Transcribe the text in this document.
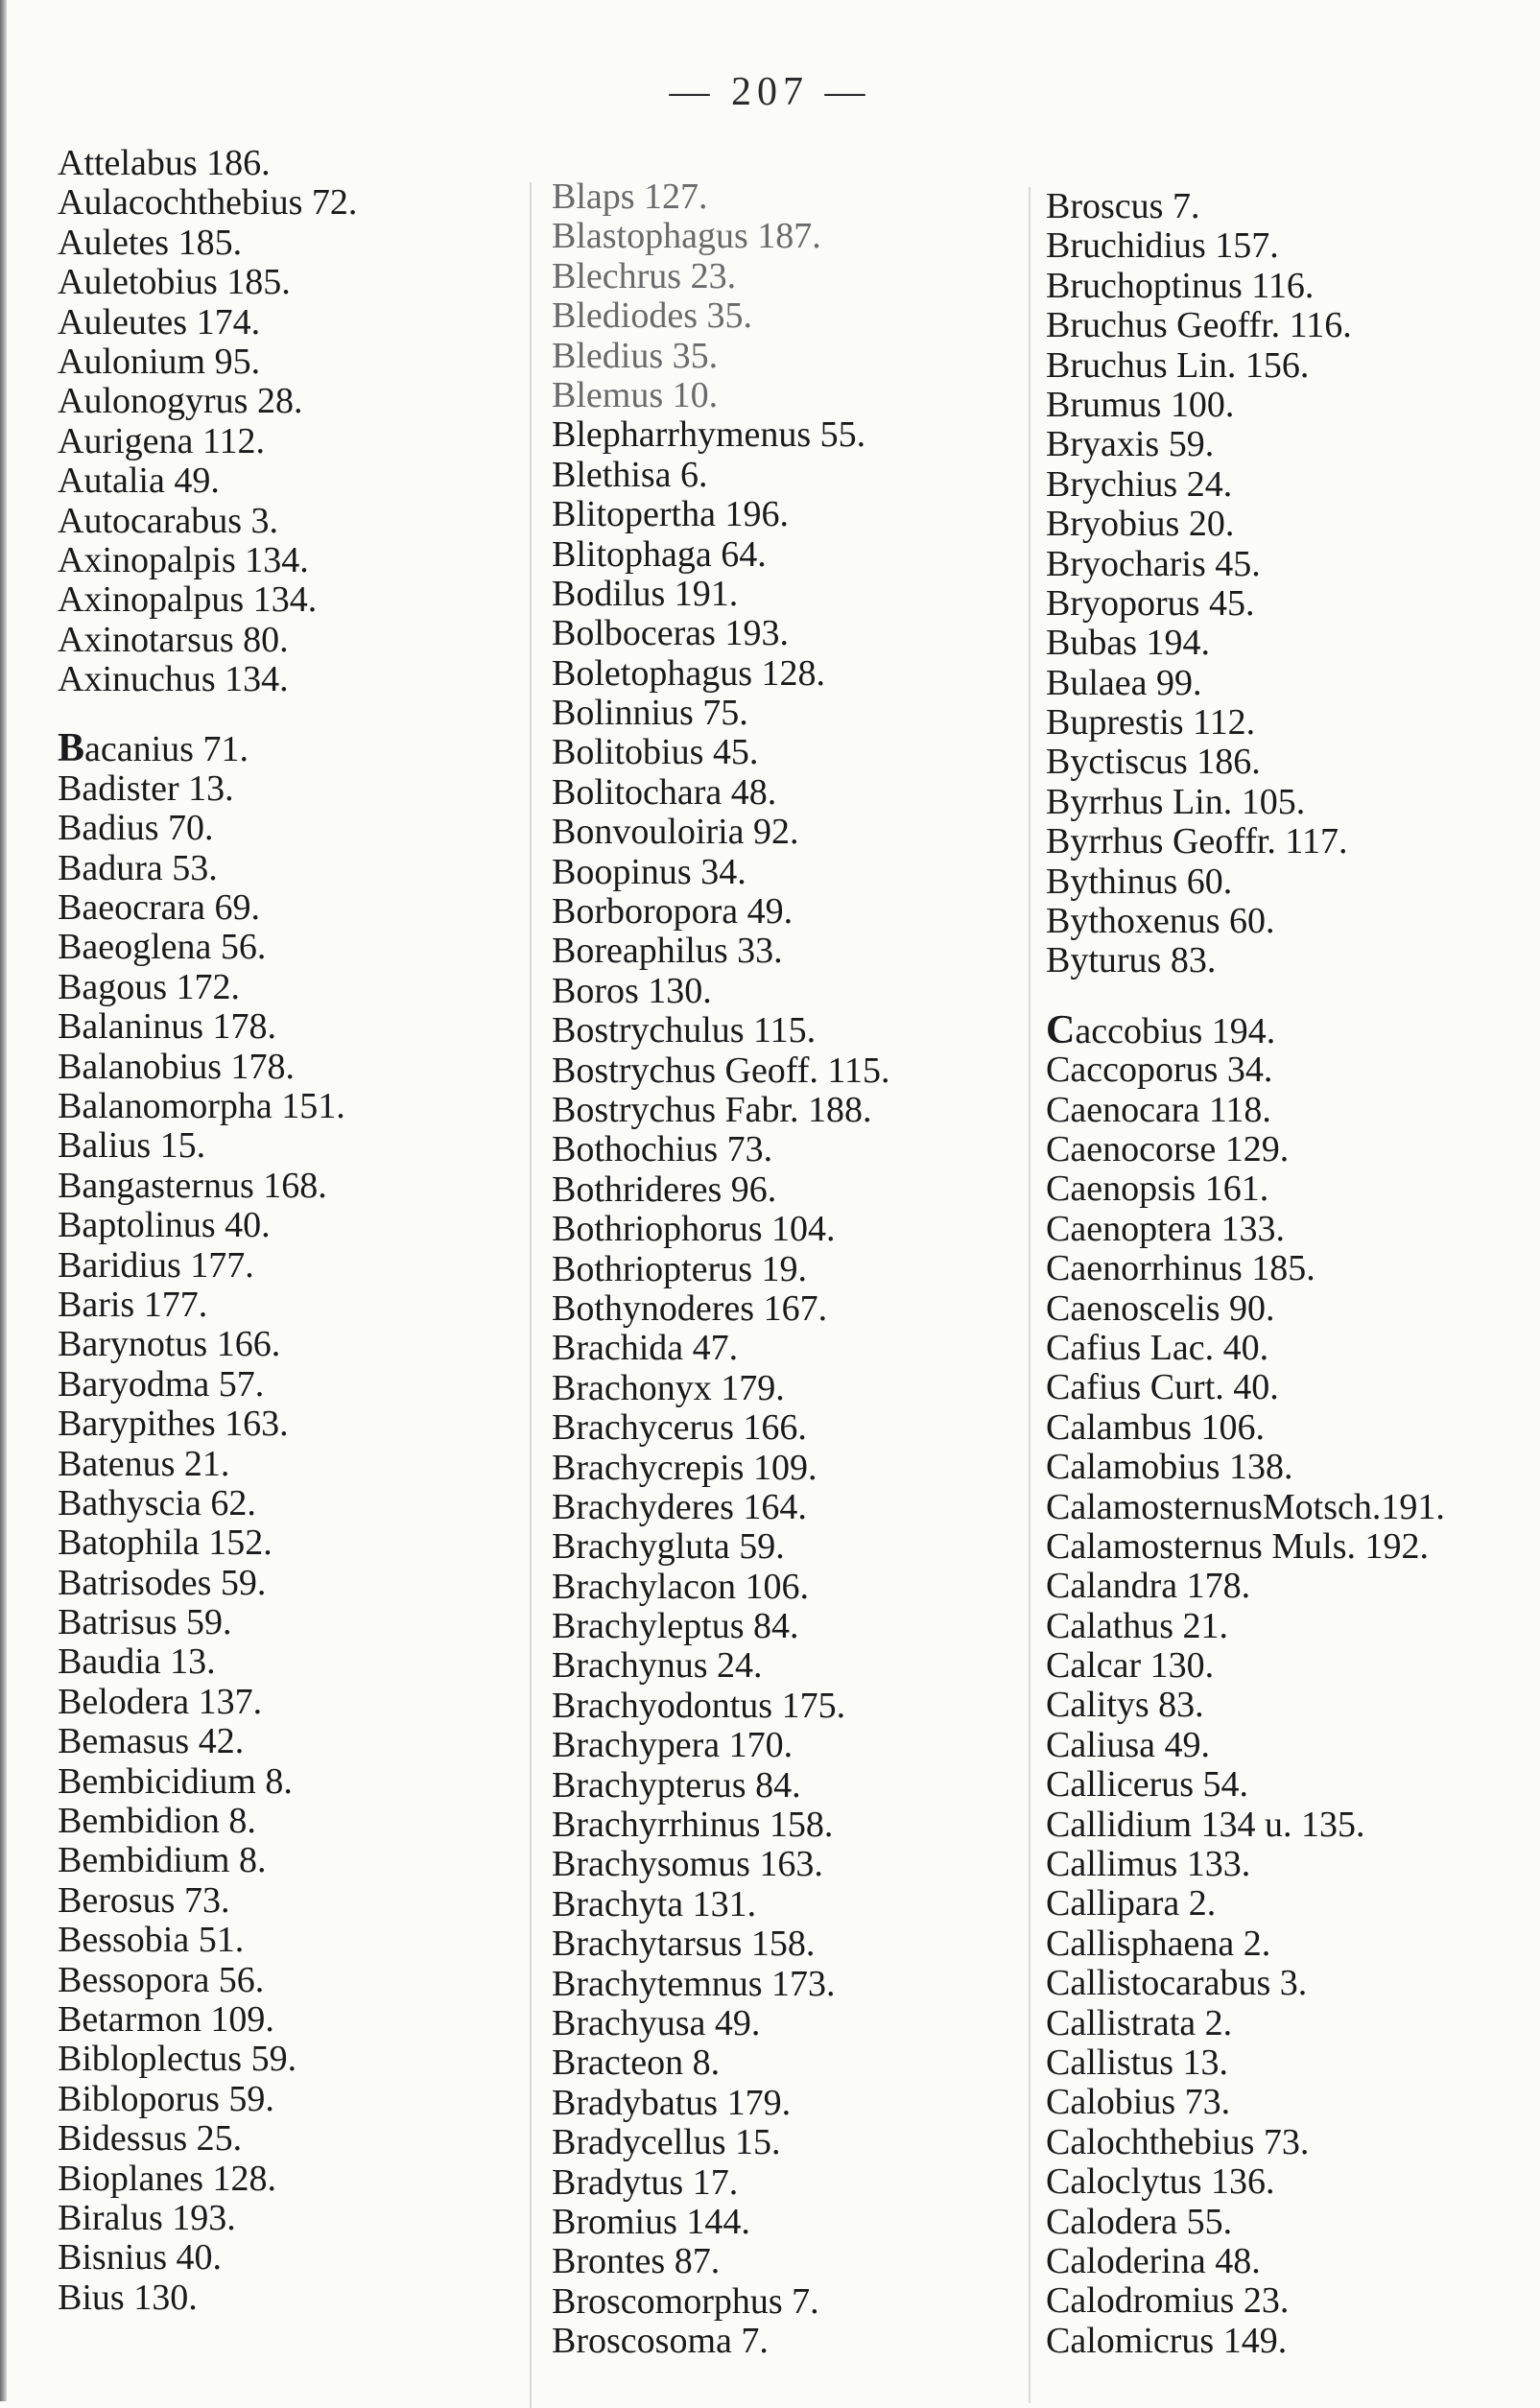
— 207 —
Attelabus 186.
Aulacochthebius 72.
Auletes 185.
Auletobius 185.
Auleutes 174.
Aulonium 95.
Aulonogyrus 28.
Aurigena 112.
Autalia 49.
Autocarabus 3.
Axinopalpis 134.
Axinopalpus 134.
Axinotarsus 80.
Axinuchus 134.
Bacanius 71.
Badister 13.
Badius 70.
Badura 53.
Baeocrara 69.
Baeoglena 56.
Bagous 172.
Balaninus 178.
Balanobius 178.
Balanomorpha 151.
Balius 15.
Bangasternus 168.
Baptolinus 40.
Baridius 177.
Baris 177.
Barynotus 166.
Baryodma 57.
Barypithes 163.
Batenus 21.
Bathyscia 62.
Batophila 152.
Batrisodes 59.
Batrisus 59.
Baudia 13.
Belodera 137.
Bemasus 42.
Bembicidium 8.
Bembidion 8.
Bembidium 8.
Berosus 73.
Bessobia 51.
Bessopora 56.
Betarmon 109.
Bibloplectus 59.
Bibloporus 59.
Bidessus 25.
Bioplanes 128.
Biralus 193.
Bisnius 40.
Bius 130.
Blaps 127.
Blastophagus 187.
Blechrus 23.
Blediodes 35.
Bledius 35.
Blemus 10.
Blepharrhymenus 55.
Blethisa 6.
Blitopertha 196.
Blitophaga 64.
Bodilus 191.
Bolboceras 193.
Boletophagus 128.
Bolinnius 75.
Bolitobius 45.
Bolitochara 48.
Bonvouloiria 92.
Boopinus 34.
Borboropora 49.
Boreaphilus 33.
Boros 130.
Bostrychulus 115.
Bostrychus Geoff. 115.
Bostrychus Fabr. 188.
Bothochius 73.
Bothrideres 96.
Bothriophorus 104.
Bothriopterus 19.
Bothynoderes 167.
Brachida 47.
Brachonyx 179.
Brachycerus 166.
Brachycrepis 109.
Brachyderes 164.
Brachygluta 59.
Brachylacon 106.
Brachyleptus 84.
Brachynus 24.
Brachyodontus 175.
Brachypera 170.
Brachypterus 84.
Brachyrrhinus 158.
Brachysomus 163.
Brachyta 131.
Brachytarsus 158.
Brachytemnus 173.
Brachyusa 49.
Bracteon 8.
Bradybatus 179.
Bradycellus 15.
Bradytus 17.
Bromius 144.
Brontes 87.
Broscomorphus 7.
Broscosoma 7.
Broscus 7.
Bruchidius 157.
Bruchoptinus 116.
Bruchus Geoffr. 116.
Bruchus Lin. 156.
Brumus 100.
Bryaxis 59.
Brychius 24.
Bryobius 20.
Bryocharis 45.
Bryoporus 45.
Bubas 194.
Bulaea 99.
Buprestis 112.
Byctiscus 186.
Byrrhus Lin. 105.
Byrrhus Geoffr. 117.
Bythinus 60.
Bythoxenus 60.
Byturus 83.
Caccobius 194.
Caccoporus 34.
Caenocara 118.
Caenocorse 129.
Caenopsis 161.
Caenoptera 133.
Caenorrhinus 185.
Caenoscelis 90.
Cafius Lac. 40.
Cafius Curt. 40.
Calambus 106.
Calamobius 138.
CalamosternusMotsch.191.
Calamosternus Muls. 192.
Calandra 178.
Calathus 21.
Calcar 130.
Calitys 83.
Caliusa 49.
Callicerus 54.
Callidium 134 u. 135.
Callimus 133.
Callipara 2.
Callisphaena 2.
Callistocarabus 3.
Callistrata 2.
Callistus 13.
Calobius 73.
Calochthebius 73.
Caloclytus 136.
Calodera 55.
Caloderina 48.
Calodromius 23.
Calomicrus 149.
